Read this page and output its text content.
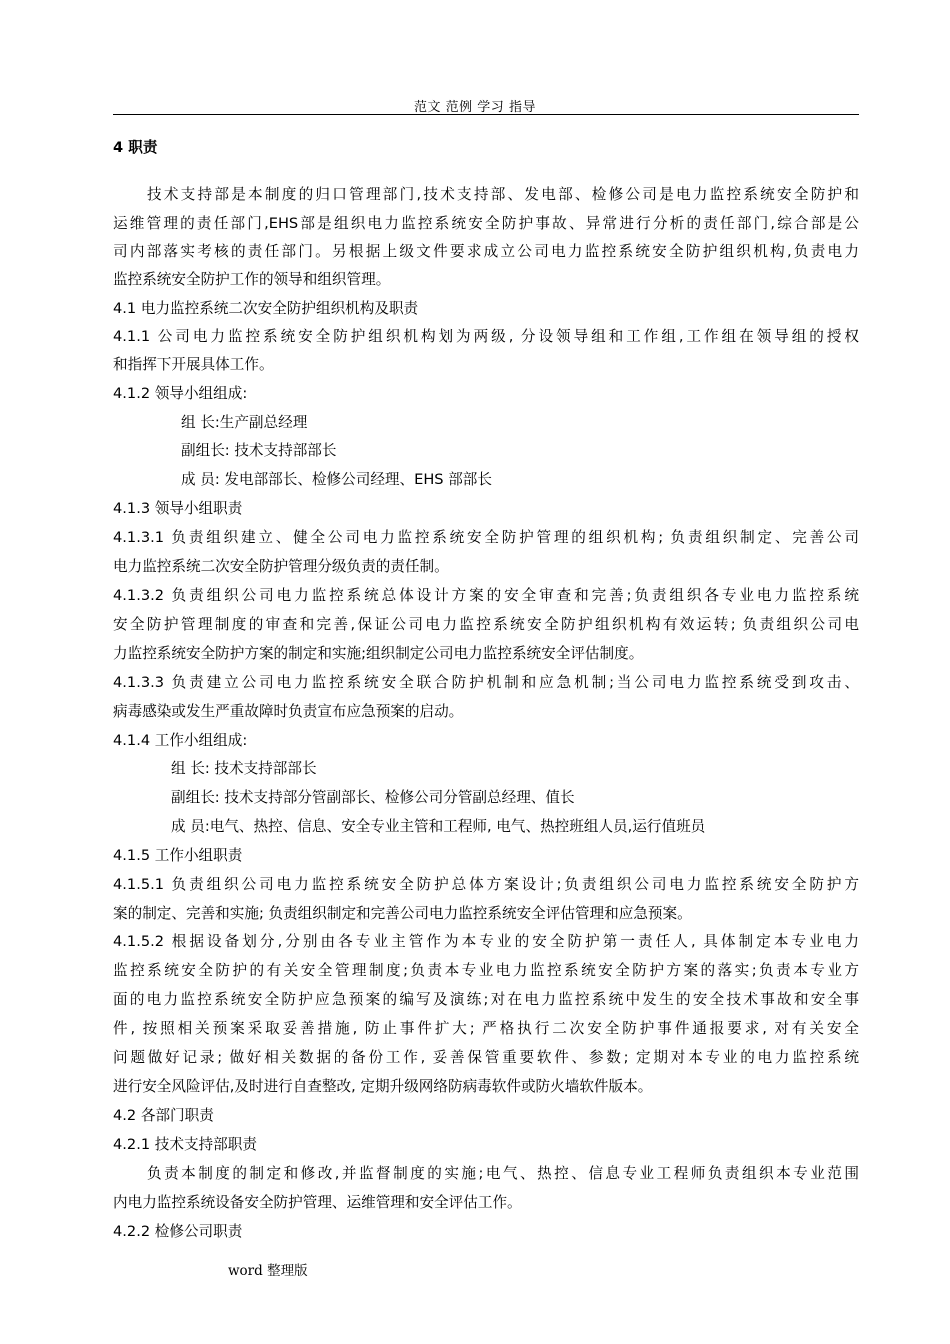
范文 范例 学习 指导
4 职责
技术支持部是本制度的归口管理部门,技术支持部、发电部、检修公司是电力监控系统安全防护和
运维管理的责任部门,EHS部是组织电力监控系统安全防护事故、异常进行分析的责任部门,综合部是公
司内部落实考核的责任部门。另根据上级文件要求成立公司电力监控系统安全防护组织机构,负责电力
监控系统安全防护工作的领导和组织管理。
4.1 电力监控系统二次安全防护组织机构及职责
4.1.1 公司电力监控系统安全防护组织机构划为两级, 分设领导组和工作组,工作组在领导组的授权
和指挥下开展具体工作。
4.1.2 领导小组组成:
组 长:生产副总经理
副组长: 技术支持部部长
成 员: 发电部部长、检修公司经理、EHS 部部长
4.1.3 领导小组职责
4.1.3.1 负责组织建立、健全公司电力监控系统安全防护管理的组织机构; 负责组织制定、完善公司
电力监控系统二次安全防护管理分级负责的责任制。
4.1.3.2 负责组织公司电力监控系统总体设计方案的安全审查和完善;负责组织各专业电力监控系统
安全防护管理制度的审查和完善,保证公司电力监控系统安全防护组织机构有效运转; 负责组织公司电
力监控系统安全防护方案的制定和实施;组织制定公司电力监控系统安全评估制度。
4.1.3.3 负责建立公司电力监控系统安全联合防护机制和应急机制;当公司电力监控系统受到攻击、
病毒感染或发生严重故障时负责宣布应急预案的启动。
4.1.4 工作小组组成:
组 长: 技术支持部部长
副组长: 技术支持部分管副部长、检修公司分管副总经理、值长
成 员:电气、热控、信息、安全专业主管和工程师, 电气、热控班组人员,运行值班员
4.1.5 工作小组职责
4.1.5.1 负责组织公司电力监控系统安全防护总体方案设计;负责组织公司电力监控系统安全防护方
案的制定、完善和实施; 负责组织制定和完善公司电力监控系统安全评估管理和应急预案。
4.1.5.2 根据设备划分,分别由各专业主管作为本专业的安全防护第一责任人, 具体制定本专业电力
监控系统安全防护的有关安全管理制度;负责本专业电力监控系统安全防护方案的落实;负责本专业方
面的电力监控系统安全防护应急预案的编写及演练;对在电力监控系统中发生的安全技术事故和安全事
件, 按照相关预案采取妥善措施, 防止事件扩大; 严格执行二次安全防护事件通报要求, 对有关安全
问题做好记录; 做好相关数据的备份工作, 妥善保管重要软件、参数; 定期对本专业的电力监控系统
进行安全风险评估,及时进行自查整改, 定期升级网络防病毒软件或防火墙软件版本。
4.2 各部门职责
4.2.1 技术支持部职责
负责本制度的制定和修改,并监督制度的实施;电气、热控、信息专业工程师负责组织本专业范围
内电力监控系统设备安全防护管理、运维管理和安全评估工作。
4.2.2 检修公司职责
word 整理版
